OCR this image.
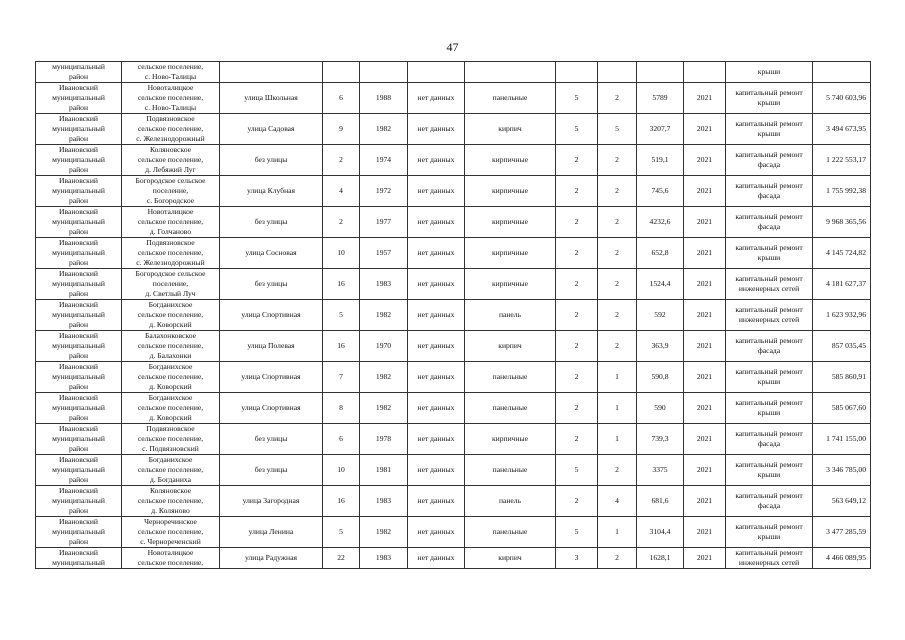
47
муниципальный
район	сельское поселение,
с. Ново-Талицы										крыши	

Ивановский
муниципальный
район	Новоталицкое
сельское поселение,
с. Ново-Талицы	улица Школьная	6	1988	нет данных	панельные	5	2	5789	2021	капитальный ремонт
крыши	5 740 603,96

Ивановский
муниципальный
район	Подвязновское
сельское поселение,
с. Железнодорожный	улица Садовая	9	1982	нет данных	кирпич	5	5	3207,7	2021	капитальный ремонт
крыши	3 494 673,95

Ивановский
муниципальный
район	Коляновское
сельское поселение,
д. Лебяжий Луг	без улицы	2	1974	нет данных	кирпичные	2	2	519,1	2021	капитальный ремонт
фасада	1 222 553,17

Ивановский
муниципальный
район	Богородское сельское
поселение,
с. Богородское	улица Клубная	4	1972	нет данных	кирпичные	2	2	745,6	2021	капитальный ремонт
фасада	1 755 992,38

Ивановский
муниципальный
район	Новоталицкое
сельское поселение,
д. Голчаново	без улицы	2	1977	нет данных	кирпичные	2	2	4232,6	2021	капитальный ремонт
фасада	9 968 365,56

Ивановский
муниципальный
район	Подвязновское
сельское поселение,
с. Железнодорожный	улица Сосновая	10	1957	нет данных	кирпичные	2	2	652,8	2021	капитальный ремонт
крыши	4 145 724,82

Ивановский
муниципальный
район	Богородское сельское
поселение,
д. Светлый Луч	без улицы	16	1983	нет данных	кирпичные	2	2	1524,4	2021	капитальный ремонт
инженерных сетей	4 181 627,37

Ивановский
муниципальный
район	Богданихское
сельское поселение,
д. Коворский	улица Спортивная	5	1982	нет данных	панель	2	2	592	2021	капитальный ремонт
инженерных сетей	1 623 932,96

Ивановский
муниципальный
район	Балахонковское
сельское поселение,
д. Балахонки	улица Полевая	16	1970	нет данных	кирпич	2	2	363,9	2021	капитальный ремонт
фасада	857 035,45

Ивановский
муниципальный
район	Богданихское
сельское поселение,
д. Коворский	улица Спортивная	7	1982	нет данных	панельные	2	1	590,8	2021	капитальный ремонт
крыши	585 860,91

Ивановский
муниципальный
район	Богданихское
сельское поселение,
д. Коворский	улица Спортивная	8	1982	нет данных	панельные	2	1	590	2021	капитальный ремонт
крыши	585 067,60

Ивановский
муниципальный
район	Подвязновское
сельское поселение,
с. Подвязновский	без улицы	6	1978	нет данных	кирпичные	2	1	739,3	2021	капитальный ремонт
фасада	1 741 155,00

Ивановский
муниципальный
район	Богданихское
сельское поселение,
д. Богданиха	без улицы	10	1981	нет данных	панельные	5	2	3375	2021	капитальный ремонт
крыши	3 346 785,00

Ивановский
муниципальный
район	Коляновское
сельское поселение,
д. Коляново	улица Загородная	16	1983	нет данных	панель	2	4	681,6	2021	капитальный ремонт
фасада	563 649,12

Ивановский
муниципальный
район	Черноречинское
сельское поселение,
с. Чернореченский	улица Ленина	5	1982	нет данных	панельные	5	1	3104,4	2021	капитальный ремонт
крыши	3 477 285,59

Ивановский
муниципальный	Новоталицкое
сельское поселение,	улица Радужная	22	1983	нет данных	кирпич	3	2	1628,1	2021	капитальный ремонт
инженерных сетей	4 466 089,95
